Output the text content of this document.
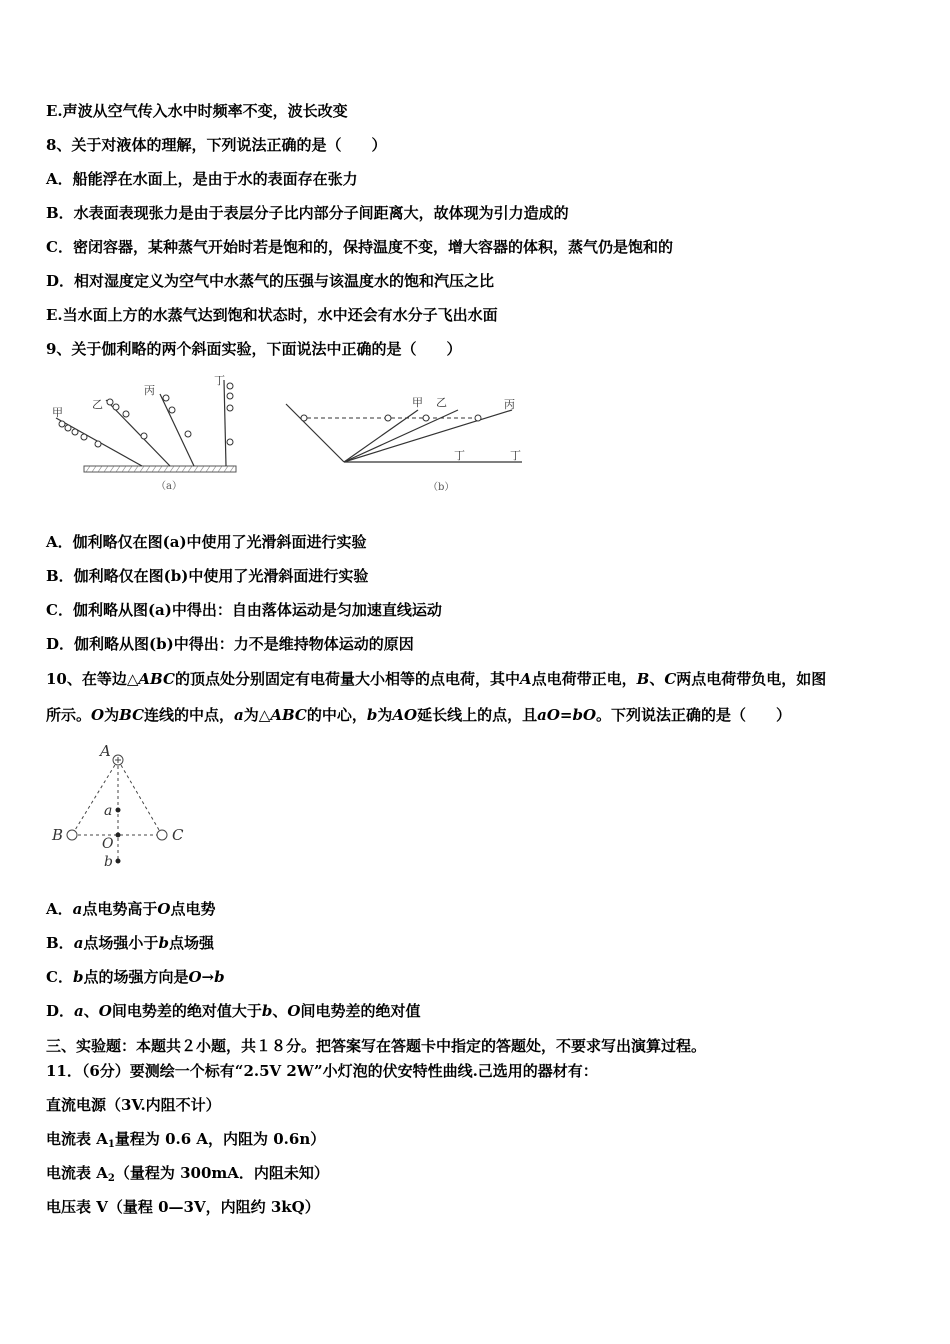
E.声波从空气传入水中时频率不变，波长改变
8、关于对液体的理解，下列说法正确的是（　　）
A．船能浮在水面上，是由于水的表面存在张力
B．水表面表现张力是由于表层分子比内部分子间距离大，故体现为引力造成的
C．密闭容器，某种蒸气开始时若是饱和的，保持温度不变，增大容器的体积，蒸气仍是饱和的
D．相对湿度定义为空气中水蒸气的压强与该温度水的饱和汽压之比
E.当水面上方的水蒸气达到饱和状态时，水中还会有水分子飞出水面
9、关于伽利略的两个斜面实验，下面说法中正确的是（　　）
甲
乙
丙
丁
（a）
甲 乙	丙
丁	丁
（b）
A．伽利略仅在图(a)中使用了光滑斜面进行实验
B．伽利略仅在图(b)中使用了光滑斜面进行实验
C．伽利略从图(a)中得出：自由落体运动是匀加速直线运动
D．伽利略从图(b)中得出：力不是维持物体运动的原因
10、在等边△ABC的顶点处分别固定有电荷量大小相等的点电荷，其中A点电荷带正电，B、C两点电荷带负电，如图
所示。O为BC连线的中点，a为△ABC的中心，b为AO延长线上的点，且aO=bO。下列说法正确的是（　　）
A
B	C
O
a
b
A．a点电势高于O点电势
B．a点场强小于b点场强
C．b点的场强方向是O→b
D．a、O间电势差的绝对值大于b、O间电势差的绝对值
三、实验题：本题共２小题，共１８分。把答案写在答题卡中指定的答题处，不要求写出演算过程。
11．（6分）要测绘一个标有“2.5V 2W”小灯泡的伏安特性曲线.己选用的器材有：
直流电源（3V.内阻不计）
电流表 $A_1$量程为 0.6 A，内阻为 0.6n）
电流表 $A_2$（量程为 300mA．内阻未知）
电压表 V（量程 0—3V，内阻约 3kQ）
